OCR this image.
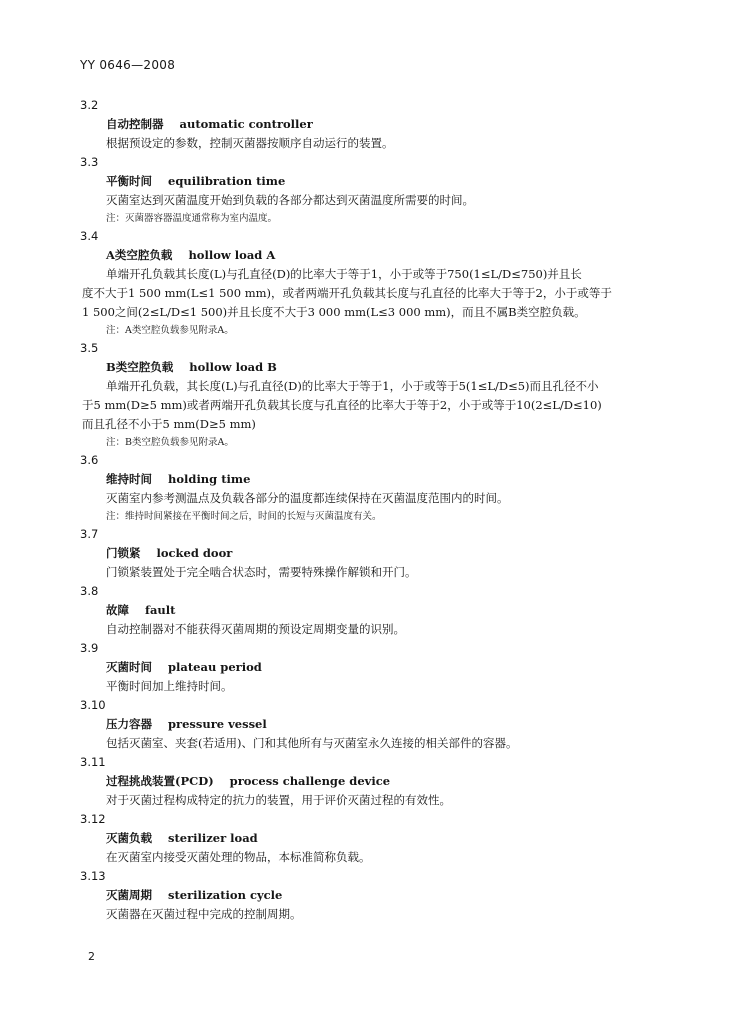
YY 0646—2008
3.2
自动控制器 automatic controller
根据预设定的参数，控制灭菌器按顺序自动运行的装置。
3.3
平衡时间 equilibration time
灭菌室达到灭菌温度开始到负载的各部分都达到灭菌温度所需要的时间。
注：灭菌器容器温度通常称为室内温度。
3.4
A类空腔负载 hollow load A
单端开孔负载其长度(L)与孔直径(D)的比率大于等于1，小于或等于750(1≤L/D≤750)并且长
度不大于1 500 mm(L≤1 500 mm)，或者两端开孔负载其长度与孔直径的比率大于等于2，小于或等于
1 500之间(2≤L/D≤1 500)并且长度不大于3 000 mm(L≤3 000 mm)，而且不属B类空腔负载。
注：A类空腔负载参见附录A。
3.5
B类空腔负载 hollow load B
单端开孔负载，其长度(L)与孔直径(D)的比率大于等于1，小于或等于5(1≤L/D≤5)而且孔径不小
于5 mm(D≥5 mm)或者两端开孔负载其长度与孔直径的比率大于等于2，小于或等于10(2≤L/D≤10)
而且孔径不小于5 mm(D≥5 mm)
注：B类空腔负载参见附录A。
3.6
维持时间 holding time
灭菌室内参考测温点及负载各部分的温度都连续保持在灭菌温度范围内的时间。
注：维持时间紧接在平衡时间之后，时间的长短与灭菌温度有关。
3.7
门锁紧 locked door
门锁紧装置处于完全啮合状态时，需要特殊操作解锁和开门。
3.8
故障 fault
自动控制器对不能获得灭菌周期的预设定周期变量的识别。
3.9
灭菌时间 plateau period
平衡时间加上维持时间。
3.10
压力容器 pressure vessel
包括灭菌室、夹套(若适用)、门和其他所有与灭菌室永久连接的相关部件的容器。
3.11
过程挑战装置(PCD) process challenge device
对于灭菌过程构成特定的抗力的装置，用于评价灭菌过程的有效性。
3.12
灭菌负载 sterilizer load
在灭菌室内接受灭菌处理的物品，本标准简称负载。
3.13
灭菌周期 sterilization cycle
灭菌器在灭菌过程中完成的控制周期。
2
